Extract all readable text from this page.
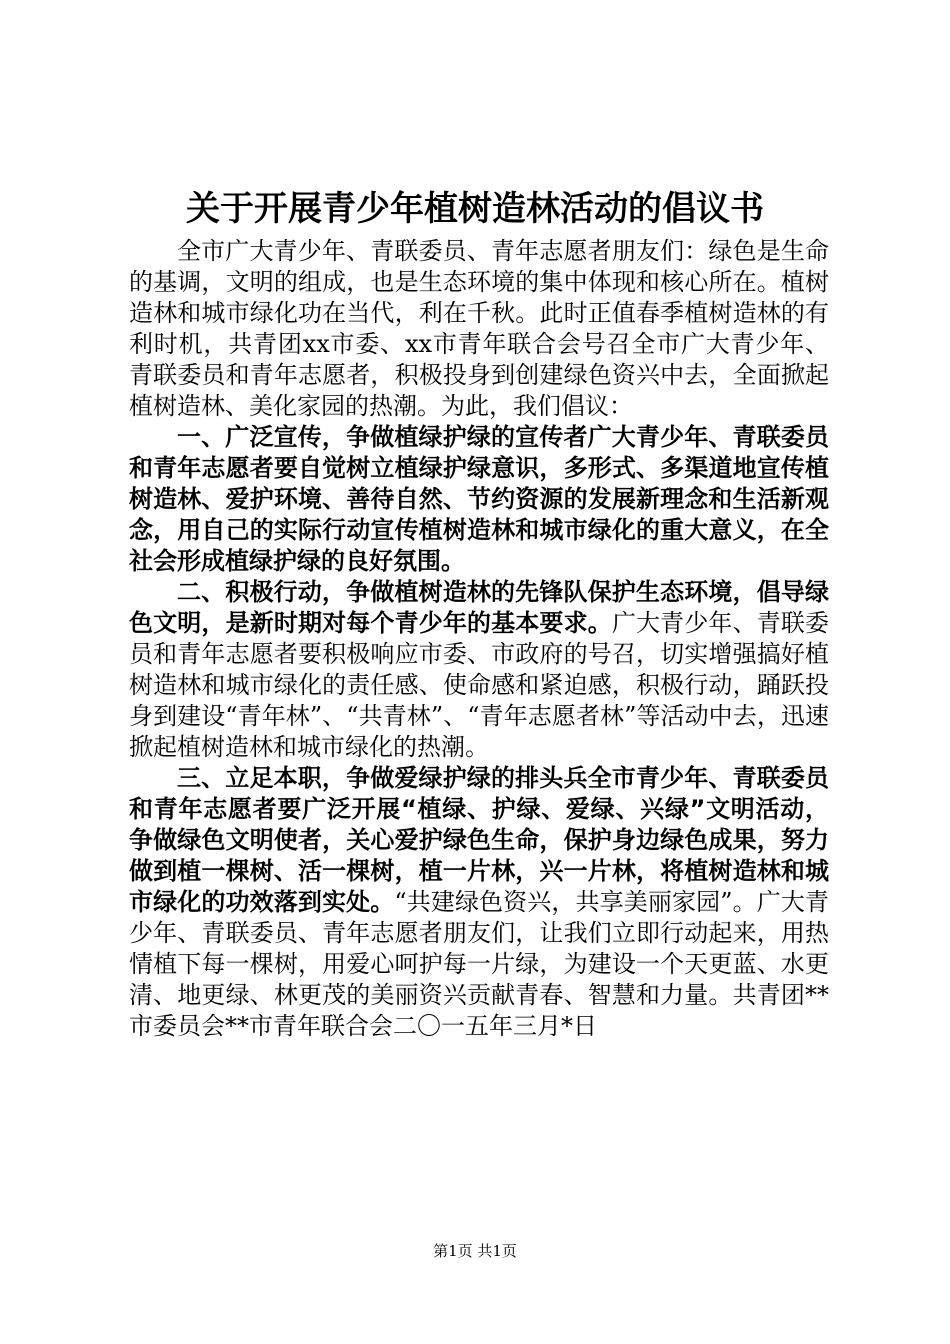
关于开展青少年植树造林活动的倡议书

全市广大青少年、青联委员、青年志愿者朋友们：绿色是生命的基调，文明的组成，也是生态环境的集中体现和核心所在。植树造林和城市绿化功在当代，利在千秋。此时正值春季植树造林的有利时机，共青团xx市委、xx市青年联合会号召全市广大青少年、青联委员和青年志愿者，积极投身到创建绿色资兴中去，全面掀起植树造林、美化家园的热潮。为此，我们倡议：

一、广泛宣传，争做植绿护绿的宣传者广大青少年、青联委员和青年志愿者要自觉树立植绿护绿意识，多形式、多渠道地宣传植树造林、爱护环境、善待自然、节约资源的发展新理念和生活新观念，用自己的实际行动宣传植树造林和城市绿化的重大意义，在全社会形成植绿护绿的良好氛围。

二、积极行动，争做植树造林的先锋队保护生态环境，倡导绿色文明，是新时期对每个青少年的基本要求。广大青少年、青联委员和青年志愿者要积极响应市委、市政府的号召，切实增强搞好植树造林和城市绿化的责任感、使命感和紧迫感，积极行动，踊跃投身到建设“青年林”、“共青林”、“青年志愿者林”等活动中去，迅速掀起植树造林和城市绿化的热潮。

三、立足本职，争做爱绿护绿的排头兵全市青少年、青联委员和青年志愿者要广泛开展“植绿、护绿、爱绿、兴绿”文明活动，争做绿色文明使者，关心爱护绿色生命，保护身边绿色成果，努力做到植一棵树、活一棵树，植一片林，兴一片林，将植树造林和城市绿化的功效落到实处。“共建绿色资兴，共享美丽家园”。广大青少年、青联委员、青年志愿者朋友们，让我们立即行动起来，用热情植下每一棵树，用爱心呵护每一片绿，为建设一个天更蓝、水更清、地更绿、林更茂的美丽资兴贡献青春、智慧和力量。共青团**市委员会**市青年联合会二〇一五年三月*日

第1页 共1页
